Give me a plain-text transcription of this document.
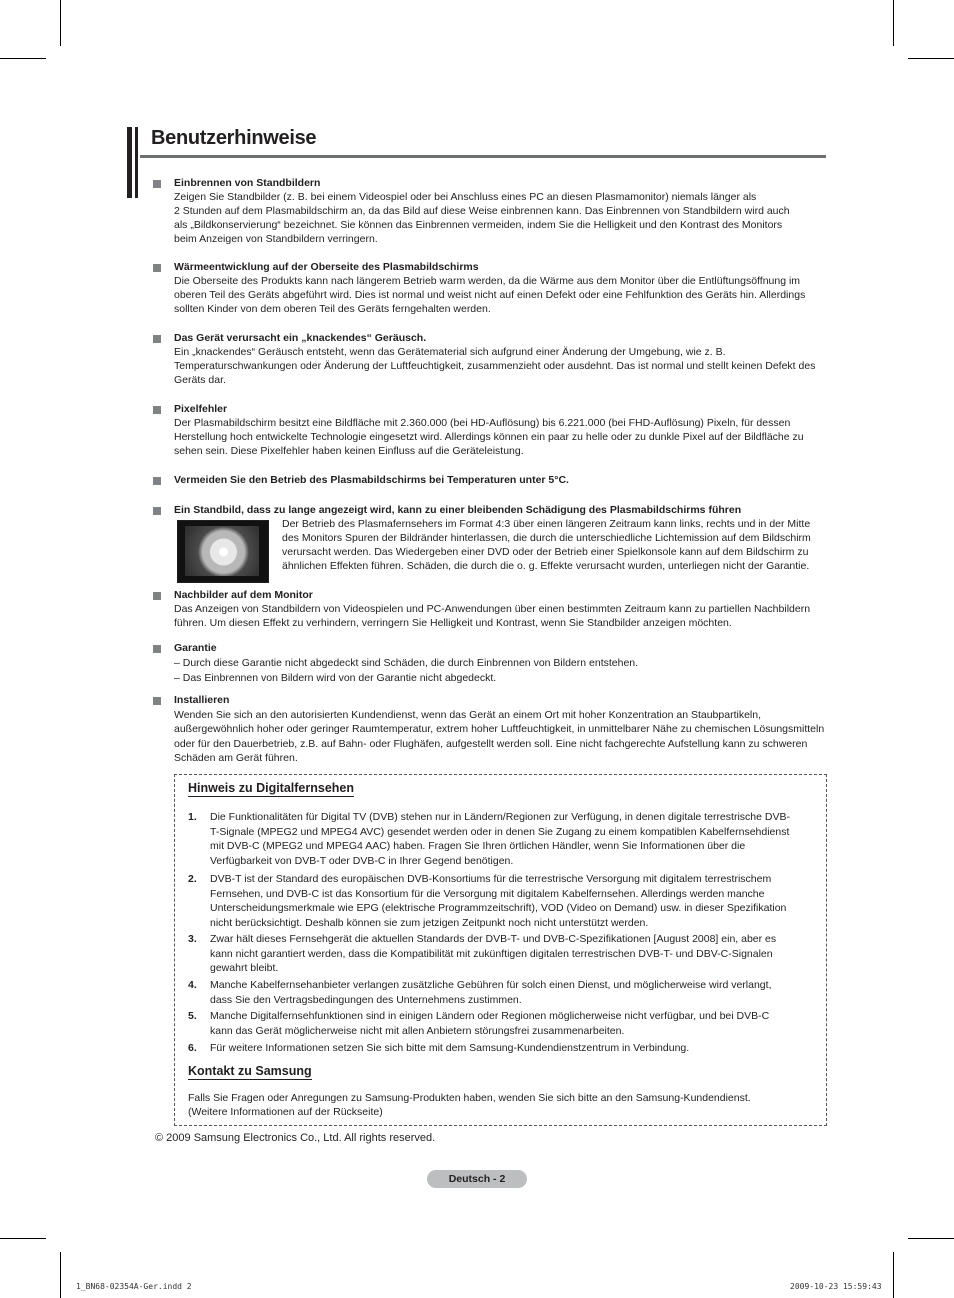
Benutzerhinweise

Einbrennen von Standbildern

Zeigen Sie Standbilder (z. B. bei einem Videospiel oder bei Anschluss eines PC an diesen Plasmamonitor) niemals länger als

2 Stunden auf dem Plasmabildschirm an, da das Bild auf diese Weise einbrennen kann. Das Einbrennen von Standbildern wird auch

als „Bildkonservierung“ bezeichnet. Sie können das Einbrennen vermeiden, indem Sie die Helligkeit und den Kontrast des Monitors

beim Anzeigen von Standbildern verringern.

Wärmeentwicklung auf der Oberseite des Plasmabildschirms

Die Oberseite des Produkts kann nach längerem Betrieb warm werden, da die Wärme aus dem Monitor über die Entlüftungsöffnung im

oberen Teil des Geräts abgeführt wird. Dies ist normal und weist nicht auf einen Defekt oder eine Fehlfunktion des Geräts hin. Allerdings

sollten Kinder von dem oberen Teil des Geräts ferngehalten werden.

Das Gerät verursacht ein „knackendes“ Geräusch.

Ein „knackendes“ Geräusch entsteht, wenn das Gerätematerial sich aufgrund einer Änderung der Umgebung, wie z. B.

Temperaturschwankungen oder Änderung der Luftfeuchtigkeit, zusammenzieht oder ausdehnt. Das ist normal und stellt keinen Defekt des

Geräts dar.

Pixelfehler

Der Plasmabildschirm besitzt eine Bildfläche mit 2.360.000 (bei HD-Auflösung) bis 6.221.000 (bei FHD-Auflösung) Pixeln, für dessen

Herstellung hoch entwickelte Technologie eingesetzt wird. Allerdings können ein paar zu helle oder zu dunkle Pixel auf der Bildfläche zu

sehen sein. Diese Pixelfehler haben keinen Einfluss auf die Geräteleistung.

Vermeiden Sie den Betrieb des Plasmabildschirms bei Temperaturen unter 5°C.

Ein Standbild, dass zu lange angezeigt wird, kann zu einer bleibenden Schädigung des Plasmabildschirms führen

Der Betrieb des Plasmafernsehers im Format 4:3 über einen längeren Zeitraum kann links, rechts und in der Mitte

des Monitors Spuren der Bildränder hinterlassen, die durch die unterschiedliche Lichtemission auf dem Bildschirm

verursacht werden. Das Wiedergeben einer DVD oder der Betrieb einer Spielkonsole kann auf dem Bildschirm zu

ähnlichen Effekten führen. Schäden, die durch die o. g. Effekte verursacht wurden, unterliegen nicht der Garantie.

Nachbilder auf dem Monitor

Das Anzeigen von Standbildern von Videospielen und PC-Anwendungen über einen bestimmten Zeitraum kann zu partiellen Nachbildern

führen. Um diesen Effekt zu verhindern, verringern Sie Helligkeit und Kontrast, wenn Sie Standbilder anzeigen möchten.

Garantie

– Durch diese Garantie nicht abgedeckt sind Schäden, die durch Einbrennen von Bildern entstehen.

– Das Einbrennen von Bildern wird von der Garantie nicht abgedeckt.

Installieren

Wenden Sie sich an den autorisierten Kundendienst, wenn das Gerät an einem Ort mit hoher Konzentration an Staubpartikeln,

außergewöhnlich hoher oder geringer Raumtemperatur, extrem hoher Luftfeuchtigkeit, in unmittelbarer Nähe zu chemischen Lösungsmitteln

oder für den Dauerbetrieb, z.B. auf Bahn- oder Flughäfen, aufgestellt werden soll. Eine nicht fachgerechte Aufstellung kann zu schweren

Schäden am Gerät führen.

Hinweis zu Digitalfernsehen
1. Die Funktionalitäten für Digital TV (DVB) stehen nur in Ländern/Regionen zur Verfügung, in denen digitale terrestrische DVB-
T-Signale (MPEG2 und MPEG4 AVC) gesendet werden oder in denen Sie Zugang zu einem kompatiblen Kabelfernsehdienst
mit DVB-C (MPEG2 und MPEG4 AAC) haben. Fragen Sie Ihren örtlichen Händler, wenn Sie Informationen über die
Verfügbarkeit von DVB-T oder DVB-C in Ihrer Gegend benötigen.
2. DVB-T ist der Standard des europäischen DVB-Konsortiums für die terrestrische Versorgung mit digitalem terrestrischem
Fernsehen, und DVB-C ist das Konsortium für die Versorgung mit digitalem Kabelfernsehen. Allerdings werden manche
Unterscheidungsmerkmale wie EPG (elektrische Programmzeitschrift), VOD (Video on Demand) usw. in dieser Spezifikation
nicht berücksichtigt. Deshalb können sie zum jetzigen Zeitpunkt noch nicht unterstützt werden.
3. Zwar hält dieses Fernsehgerät die aktuellen Standards der DVB-T- und DVB-C-Spezifikationen [August 2008] ein, aber es
kann nicht garantiert werden, dass die Kompatibilität mit zukünftigen digitalen terrestrischen DVB-T- und DBV-C-Signalen
gewahrt bleibt.
4. Manche Kabelfernsehanbieter verlangen zusätzliche Gebühren für solch einen Dienst, und möglicherweise wird verlangt,
dass Sie den Vertragsbedingungen des Unternehmens zustimmen.
5. Manche Digitalfernsehfunktionen sind in einigen Ländern oder Regionen möglicherweise nicht verfügbar, und bei DVB-C
kann das Gerät möglicherweise nicht mit allen Anbietern störungsfrei zusammenarbeiten.
6. Für weitere Informationen setzen Sie sich bitte mit dem Samsung-Kundendienstzentrum in Verbindung.
Kontakt zu Samsung
Falls Sie Fragen oder Anregungen zu Samsung-Produkten haben, wenden Sie sich bitte an den Samsung-Kundendienst.
(Weitere Informationen auf der Rückseite)
© 2009 Samsung Electronics Co., Ltd. All rights reserved.
Deutsch - 2
1_BN68-02354A-Ger.indd 2	2009-10-23 15:59:43
